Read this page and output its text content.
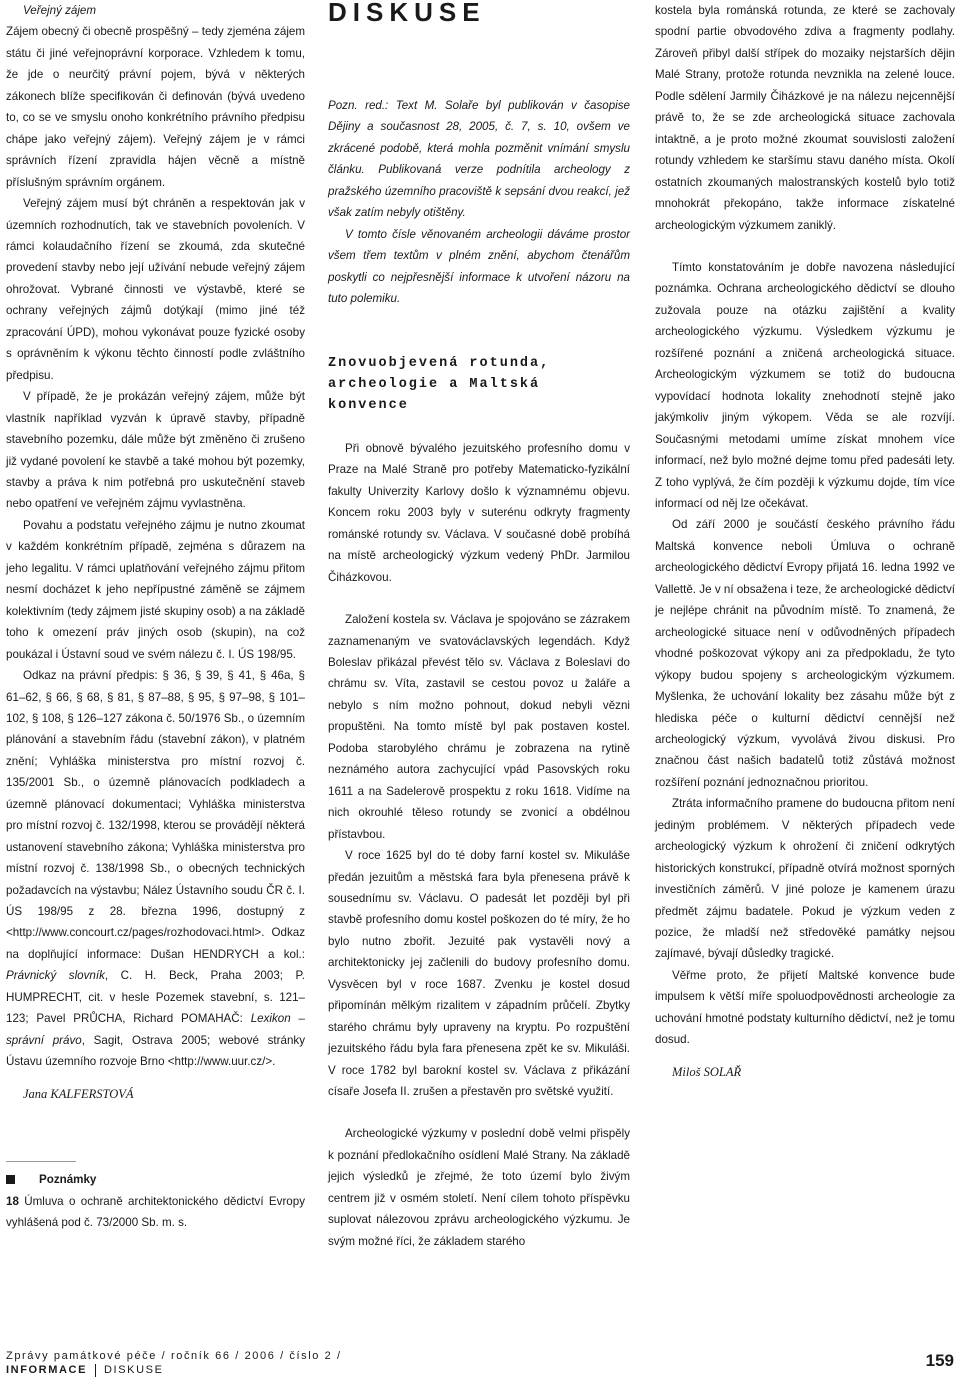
Veřejný zájem

Zájem obecný či obecně prospěšný – tedy zjeména zájem státu či jiné veřejnoprávní korporace. Vzhledem k tomu, že jde o neurčitý právní pojem, bývá v některých zákonech blíže specifikován či definován (bývá uvedeno to, co se ve smyslu onoho konkrétního právního předpisu chápe jako veřejný zájem). Veřejný zájem je v rámci správních řízení zpravidla hájen věcně a místně příslušným správním orgánem.

Veřejný zájem musí být chráněn a respektován jak v územních rozhodnutích, tak ve stavebních povoleních. V rámci kolaudačního řízení se zkoumá, zda skutečné provedení stavby nebo její užívání nebude veřejný zájem ohrožovat. Vybrané činnosti ve výstavbě, které se ochrany veřejných zájmů dotýkají (mimo jiné též zpracování ÚPD), mohou vykonávat pouze fyzické osoby s oprávněním k výkonu těchto činností podle zvláštního předpisu.

V případě, že je prokázán veřejný zájem, může být vlastník například vyzván k úpravě stavby, případně stavebního pozemku, dále může být změněno či zrušeno již vydané povolení ke stavbě a také mohou být pozemky, stavby a práva k nim potřebná pro uskutečnění staveb nebo opatření ve veřejném zájmu vyvlastněna.

Povahu a podstatu veřejného zájmu je nutno zkoumat v každém konkrétním případě, zejména s důrazem na jeho legalitu. V rámci uplatňování veřejného zájmu přitom nesmí docházet k jeho nepřípustné záměně se zájmem kolektivním (tedy zájmem jisté skupiny osob) a na základě toho k omezení práv jiných osob (skupin), na což poukázal i Ústavní soud ve svém nálezu č. I. ÚS 198/95.

Odkaz na právní předpis: § 36, § 39, § 41, § 46a, § 61–62, § 66, § 68, § 81, § 87–88, § 95, § 97–98, § 101–102, § 108, § 126–127 zákona č. 50/1976 Sb., o územním plánování a stavebním řádu (stavební zákon), v platném znění; Vyhláška ministerstva pro místní rozvoj č. 135/2001 Sb., o územně plánovacích podkladech a územně plánovací dokumentaci; Vyhláška ministerstva pro místní rozvoj č. 132/1998, kterou se provádějí některá ustanovení stavebního zákona; Vyhláška ministerstva pro místní rozvoj č. 138/1998 Sb., o obecných technických požadavcích na výstavbu; Nález Ústavního soudu ČR č. I. ÚS 198/95 z 28. března 1996, dostupný z <http://www.concourt.cz/pages/rozhodovaci.html>. Odkaz na doplňující informace: Dušan HENDRYCH a kol.: Právnický slovník, C. H. Beck, Praha 2003; P. HUMPRECHT, cit. v hesle Pozemek stavební, s. 121–123; Pavel PRŮCHA, Richard POMAHAČ: Lexikon – správní právo, Sagit, Ostrava 2005; webové stránky Ústavu územního rozvoje Brno <http://www.uur.cz/>.

Jana KALFERSTOVÁ

Poznámky

18 Úmluva o ochraně architektonického dědictví Evropy vyhlášená pod č. 73/2000 Sb. m. s.

DISKUSE

Pozn. red.: Text M. Solaře byl publikován v časopise Dějiny a současnost 28, 2005, č. 7, s. 10, ovšem ve zkrácené podobě, která mohla pozměnit vnímání smyslu článku. Publikovaná verze podnítila archeology z pražského územního pracoviště k sepsání dvou reakcí, jež však zatím nebyly otištěny.

V tomto čísle věnovaném archeologii dáváme prostor všem třem textům v plném znění, abychom čtenářům poskytli co nejpřesnější informace k utvoření názoru na tuto polemiku.

Znovuobjevená rotunda,
archeologie a Maltská konvence

Při obnově bývalého jezuitského profesního domu v Praze na Malé Straně pro potřeby Matematicko-fyzikální fakulty Univerzity Karlovy došlo k významnému objevu. Koncem roku 2003 byly v suterénu odkryty fragmenty románské rotundy sv. Václava. V současné době probíhá na místě archeologický výzkum vedený PhDr. Jarmilou Čiházkovou.

Založení kostela sv. Václava je spojováno se zázrakem zaznamenaným ve svatováclavských legendách. Když Boleslav přikázal převést tělo sv. Václava z Boleslavi do chrámu sv. Víta, zastavil se cestou povoz u žaláře a nebylo s ním možno pohnout, dokud nebyli vězni propuštěni. Na tomto místě byl pak postaven kostel. Podoba starobylého chrámu je zobrazena na rytině neznámého autora zachycující vpád Pasovských roku 1611 a na Sadelerově prospektu z roku 1618. Vidíme na nich okrouhlé těleso rotundy se zvonicí a obdélnou přístavbou.

V roce 1625 byl do té doby farní kostel sv. Mikuláše předán jezuitům a městská fara byla přenesena právě k sousednímu sv. Václavu. O padesát let později byl při stavbě profesního domu kostel poškozen do té míry, že ho bylo nutno zbořit. Jezuité pak vystavěli nový a architektonicky jej začlenili do budovy profesního domu. Vysvěcen byl v roce 1687. Zvenku je kostel dosud připomínán mělkým rizalitem v západním průčelí. Zbytky starého chrámu byly upraveny na kryptu. Po rozpuštění jezuitského řádu byla fara přenesena zpět ke sv. Mikuláši. V roce 1782 byl barokní kostel sv. Václava z přikázání císaře Josefa II. zrušen a přestavěn pro světské využití.

Archeologické výzkumy v poslední době velmi přispěly k poznání předlokačního osídlení Malé Strany. Na základě jejich výsledků je zřejmé, že toto území bylo živým centrem již v osmém století. Není cílem tohoto příspěvku suplovat nálezovou zprávu archeologického výzkumu. Je svým možné říci, že základem starého

kostela byla románská rotunda, ze které se zachovaly spodní partie obvodového zdiva a fragmenty podlahy. Zároveň přibyl další střípek do mozaiky nejstarších dějin Malé Strany, protože rotunda nevznikla na zelené louce. Podle sdělení Jarmily Čiházkové je na nálezu nejcennější právě to, že se zde archeologická situace zachovala intaktně, a je proto možné zkoumat souvislosti založení rotundy vzhledem ke staršímu stavu daného místa. Okolí ostatních zkoumaných malostranských kostelů bylo totiž mnohokrát překopáno, takže informace získatelné archeologickým výzkumem zaniklý.

Tímto konstatováním je dobře navozena následující poznámka. Ochrana archeologického dědictví se dlouho zužovala pouze na otázku zajištění a kvality archeologického výzkumu. Výsledkem výzkumu je rozšířené poznání a zničená archeologická situace. Archeologickým výzkumem se totiž do budoucna vypovídací hodnota lokality znehodnotí stejně jako jakýmkoliv jiným výkopem. Věda se ale rozvíjí. Současnými metodami umíme získat mnohem více informací, než bylo možné dejme tomu před padesáti lety. Z toho vyplývá, že čím později k výzkumu dojde, tím více informací od něj lze očekávat.

Od září 2000 je součástí českého právního řádu Maltská konvence neboli Úmluva o ochraně archeologického dědictví Evropy přijatá 16. ledna 1992 ve Vallettě. Je v ní obsažena i teze, že archeologické dědictví je nejlépe chránit na původním místě. To znamená, že archeologické situace není v odůvodněných případech vhodné poškozovat výkopy ani za předpokladu, že tyto výkopy budou spojeny s archeologickým výzkumem. Myšlenka, že uchování lokality bez zásahu může být z hlediska péče o kulturní dědictví cennější než archeologický výzkum, vyvolává živou diskusi. Pro značnou část našich badatelů totiž zůstává možnost rozšíření poznání jednoznačnou prioritou.

Ztráta informačního pramene do budoucna přitom není jediným problémem. V některých případech vede archeologický výzkum k ohrožení či zničení odkrytých historických konstrukcí, případně otvírá možnost sporných investičních záměrů. V jiné poloze je kamenem úrazu předmět zájmu badatele. Pokud je výzkum veden z pozice, že mladší než středověké památky nejsou zajímavé, bývají důsledky tragické.

Věřme proto, že přijetí Maltské konvence bude impulsem k větší míře spoluodpovědnosti archeologie za uchování hmotné podstaty kulturního dědictví, než je tomu dosud.

Miloš SOLAŘ

Zprávy památkové péče / ročník 66 / 2006 / číslo 2 /
INFORMACE DISKUSE	159
